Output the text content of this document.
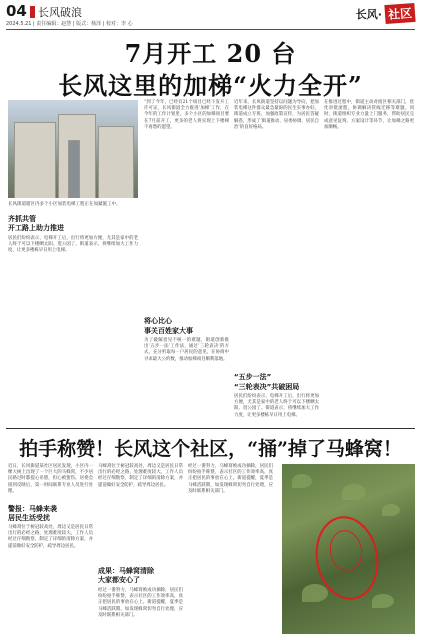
04 长风破浪
2024.5.21 | 责任编辑：赵慧 | 版式：杨泽 | 校对：李 心
长风· 社区
7月开工 20 台
长风这里的加梯“火力全开”
长风街道辖区内多个小区加装电梯工程正在加紧施工中。
“到了今年，已经有21个项目已经下发开工许可证，长风街道全力推进‘加梯’工作，在今年的工作计划里，多个小区的加梯项目要在7月前开工，更多的老人将实现上下楼梯不再愁的愿望。
近年来，长风街道坚持以问题为导向，把加装电梯这件群众最急最盼的民生实事办好。街道成立专班，加强政策宣传，为居民答疑解惑，形成了‘街道推动、居委协调、居民自治’的良好格局。
在推进过程中，街道主动对接区相关部门，优化审批流程，协调解决管线迁移等难题。同时，街道组织专业力量上门服务，帮助居民完成意见征询、方案设计等环节，让加梯之路更加顺畅。
齐抓共管
开工路上助力推进
居民们纷纷表示，电梯开工后，出行将更加方便，尤其是家中的老人终于可以下楼晒太阳、逛公园了。街道表示，将继续加大工作力度，让更多楼栋早日用上电梯。
将心比心
事关百姓家大事
为了破解意见不统一的难题，街道创新推出‘五步一法’工作法，通过‘三轮表决’的方式，充分听取每一户居民的意见，在协商中寻求最大公约数，推动加梯项目顺利落地。
“五步一法”
“三轮表决”共破困局
居民们纷纷表示，电梯开工后，出行将更加方便，尤其是家中的老人终于可以下楼晒太阳、逛公园了。街道表示，将继续加大工作力度，让更多楼栋早日用上电梯。
拍手称赞！长风这个社区，“捅”掉了马蜂窝！
近日，长风街道某社区居民发现，小区内一棵大树上出现了一个巨大的马蜂窝，不少居民路过时都提心吊胆，担心被蜇伤。居委会接到反映后，第一时间联系专业人员进行处理。
警报：马蜂来袭
居民生活受扰
马蜂窝位于树冠较高处，周边又是居民日常出行的必经之路，处理难度较大。工作人员经过仔细勘察，制定了详细的清除方案，并提前做好安全防护，疏导周边居民。
马蜂窝位于树冠较高处，周边又是居民日常出行的必经之路，处理难度较大。工作人员经过仔细勘察，制定了详细的清除方案，并提前做好安全防护，疏导周边居民。
成果：马蜂窝清除
大家都安心了
经过一番努力，马蜂窝被成功摘除，居民们纷纷拍手称赞，表示社区的工作效率高，真正把居民的事放在心上。街道提醒，夏季是马蜂活跃期，如发现蜂窝切勿自行处理，应及时联系相关部门。
经过一番努力，马蜂窝被成功摘除，居民们纷纷拍手称赞，表示社区的工作效率高，真正把居民的事放在心上。街道提醒，夏季是马蜂活跃期，如发现蜂窝切勿自行处理，应及时联系相关部门。
